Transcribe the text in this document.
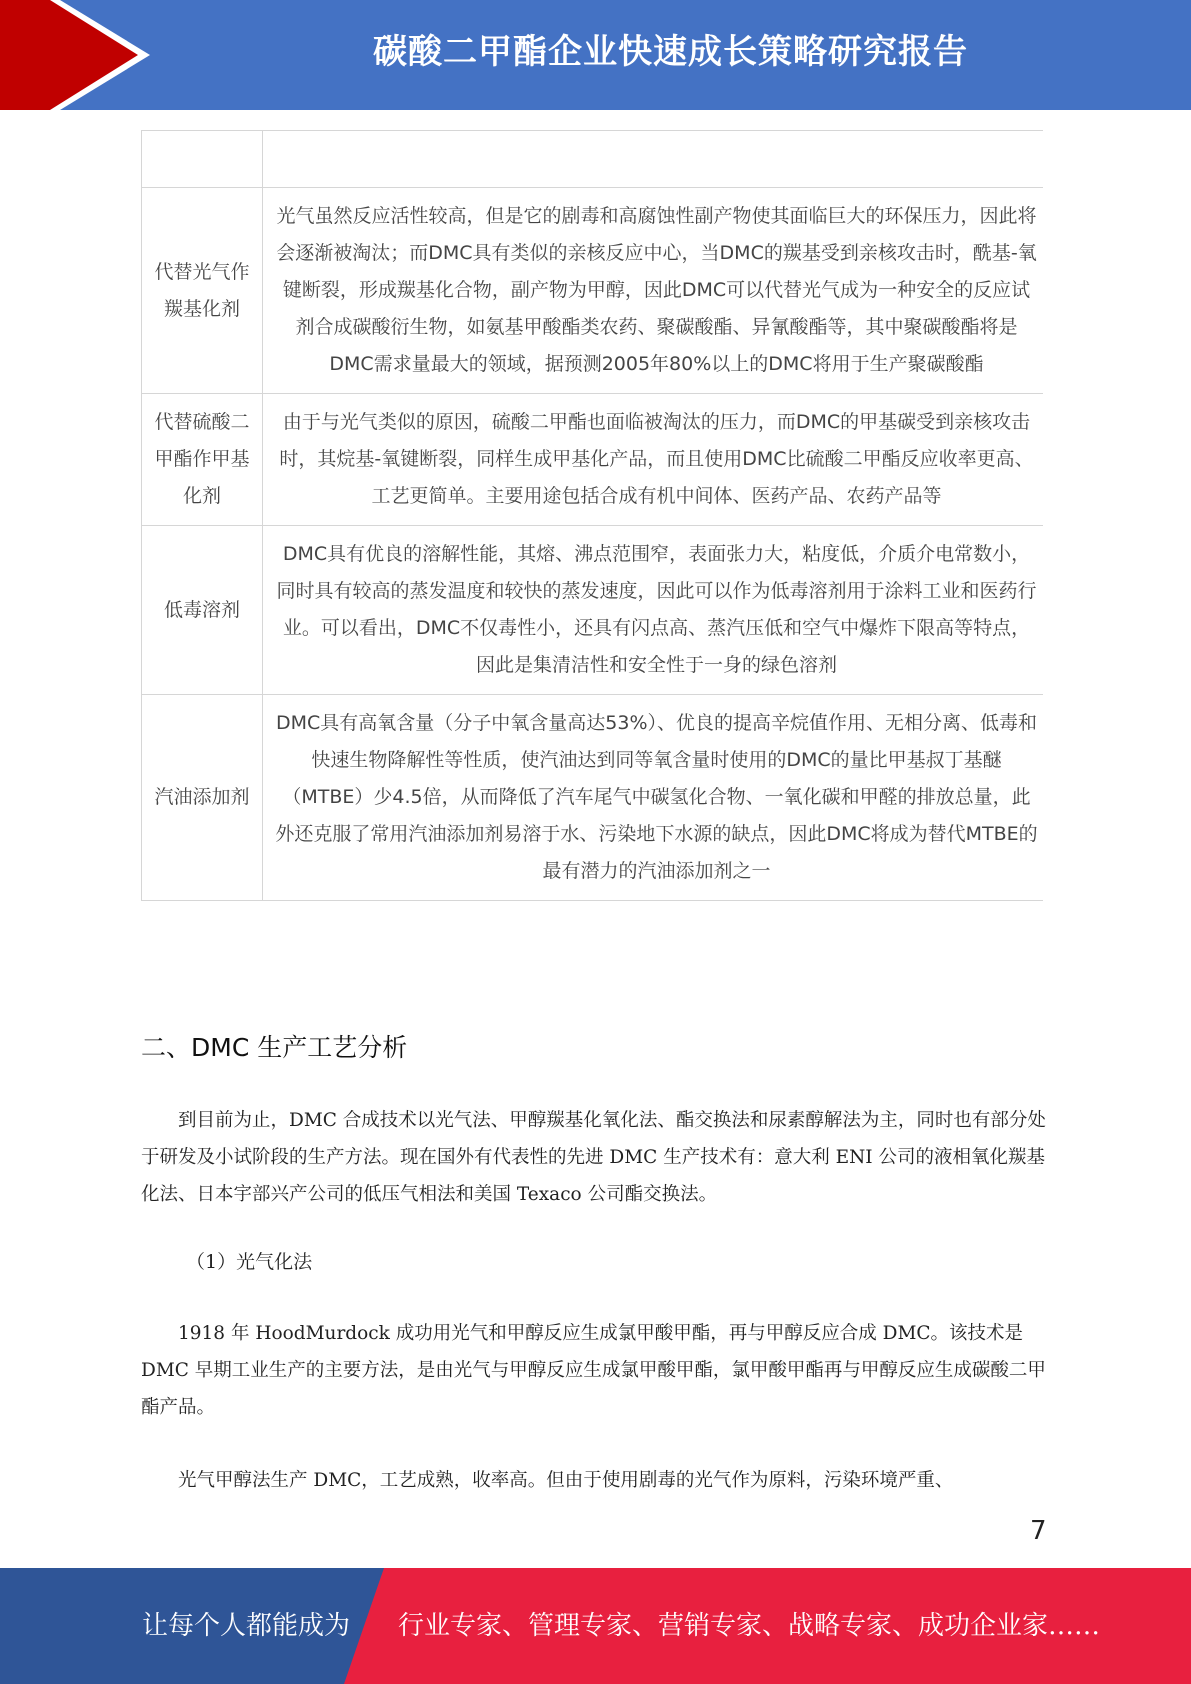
碳酸二甲酯企业快速成长策略研究报告

代替光气作羰基化剂	光气虽然反应活性较高，但是它的剧毒和高腐蚀性副产物使其面临巨大的环保压力，因此将会逐渐被淘汰；而DMC具有类似的亲核反应中心，当DMC的羰基受到亲核攻击时，酰基-氧键断裂，形成羰基化合物，副产物为甲醇，因此DMC可以代替光气成为一种安全的反应试剂合成碳酸衍生物，如氨基甲酸酯类农药、聚碳酸酯、异氰酸酯等，其中聚碳酸酯将是DMC需求量最大的领域，据预测2005年80%以上的DMC将用于生产聚碳酸酯
代替硫酸二甲酯作甲基化剂	由于与光气类似的原因，硫酸二甲酯也面临被淘汰的压力，而DMC的甲基碳受到亲核攻击时，其烷基-氧键断裂，同样生成甲基化产品，而且使用DMC比硫酸二甲酯反应收率更高、工艺更简单。主要用途包括合成有机中间体、医药产品、农药产品等
低毒溶剂	DMC具有优良的溶解性能，其熔、沸点范围窄，表面张力大，粘度低，介质介电常数小，同时具有较高的蒸发温度和较快的蒸发速度，因此可以作为低毒溶剂用于涂料工业和医药行业。可以看出，DMC不仅毒性小，还具有闪点高、蒸汽压低和空气中爆炸下限高等特点，因此是集清洁性和安全性于一身的绿色溶剂
汽油添加剂	DMC具有高氧含量（分子中氧含量高达53%）、优良的提高辛烷值作用、无相分离、低毒和快速生物降解性等性质，使汽油达到同等氧含量时使用的DMC的量比甲基叔丁基醚（MTBE）少4.5倍，从而降低了汽车尾气中碳氢化合物、一氧化碳和甲醛的排放总量，此外还克服了常用汽油添加剂易溶于水、污染地下水源的缺点，因此DMC将成为替代MTBE的最有潜力的汽油添加剂之一
二、DMC 生产工艺分析

到目前为止，DMC 合成技术以光气法、甲醇羰基化氧化法、酯交换法和尿素醇解法为主，同时也有部分处于研发及小试阶段的生产方法。现在国外有代表性的先进 DMC 生产技术有：意大利 ENI 公司的液相氧化羰基化法、日本宇部兴产公司的低压气相法和美国 Texaco 公司酯交换法。

（1）光气化法

1918 年 HoodMurdock 成功用光气和甲醇反应生成氯甲酸甲酯，再与甲醇反应合成 DMC。该技术是 DMC 早期工业生产的主要方法，是由光气与甲醇反应生成氯甲酸甲酯，氯甲酸甲酯再与甲醇反应生成碳酸二甲酯产品。

光气甲醇法生产 DMC，工艺成熟，收率高。但由于使用剧毒的光气作为原料，污染环境严重、

7
让每个人都能成为 行业专家、管理专家、营销专家、战略专家、成功企业家……
